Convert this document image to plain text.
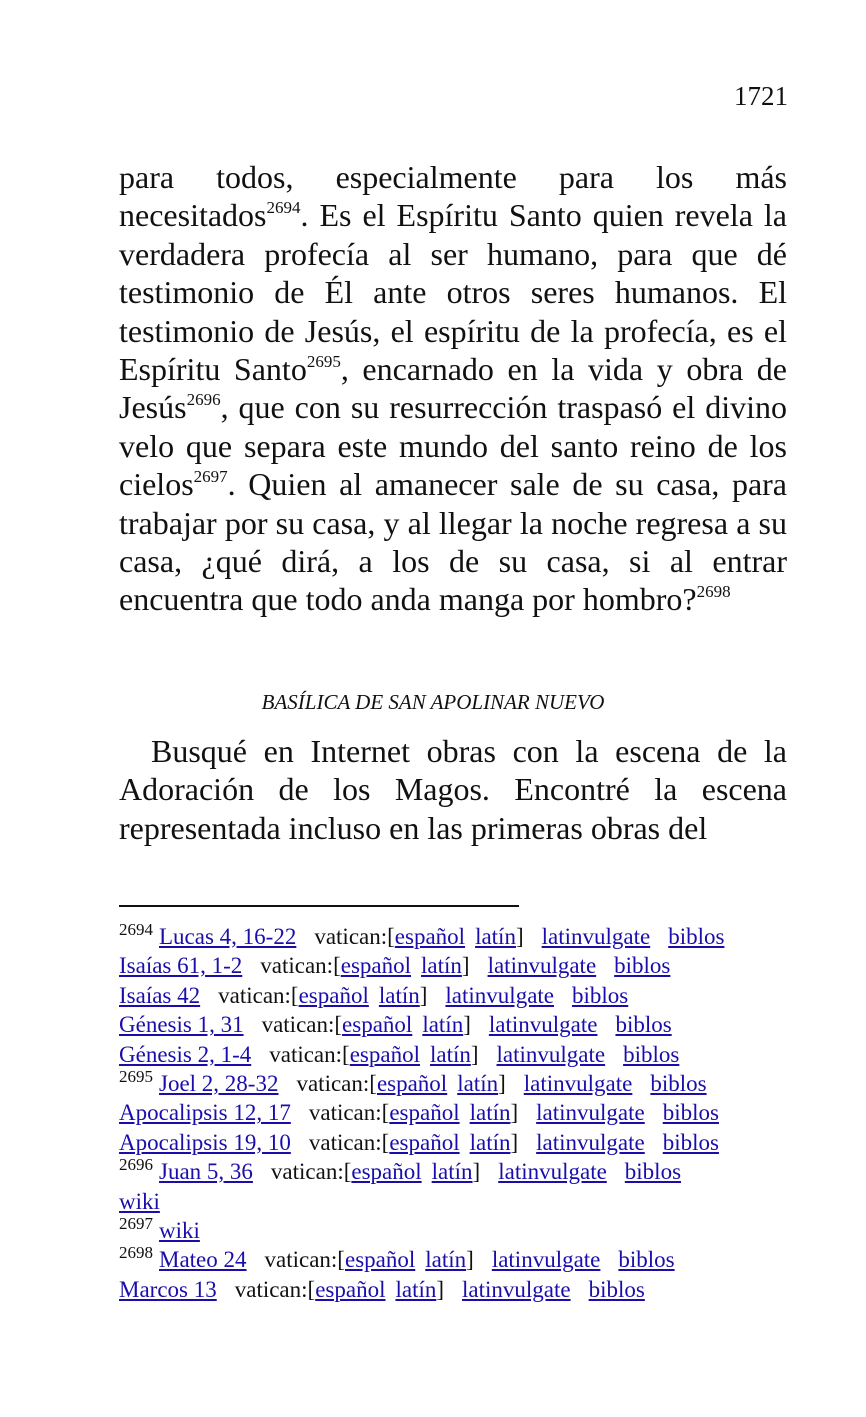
1721

para todos, especialmente para los más necesitados$^{2694}$. Es el Espíritu Santo quien revela la verdadera profecía al ser humano, para que dé testimonio de Él ante otros seres humanos. El testimonio de Jesús, el espíritu de la profecía, es el Espíritu Santo$^{2695}$, encarnado en la vida y obra de Jesús$^{2696}$, que con su resurrección traspasó el divino velo que separa este mundo del santo reino de los cielos$^{2697}$. Quien al amanecer sale de su casa, para trabajar por su casa, y al llegar la noche regresa a su casa, ¿qué dirá, a los de su casa, si al entrar encuentra que todo anda manga por hombro?$^{2698}$

BASÍLICA DE SAN APOLINAR NUEVO

Busqué en Internet obras con la escena de la Adoración de los Magos. Encontré la escena representada incluso en las primeras obras del

$^{2694}$ Lucas 4, 16-22 vatican:[español latín] latinvulgate biblos
Isaías 61, 1-2 vatican:[español latín] latinvulgate biblos
Isaías 42 vatican:[español latín] latinvulgate biblos
Génesis 1, 31 vatican:[español latín] latinvulgate biblos
Génesis 2, 1-4 vatican:[español latín] latinvulgate biblos
$^{2695}$ Joel 2, 28-32 vatican:[español latín] latinvulgate biblos
Apocalipsis 12, 17 vatican:[español latín] latinvulgate biblos
Apocalipsis 19, 10 vatican:[español latín] latinvulgate biblos
$^{2696}$ Juan 5, 36 vatican:[español latín] latinvulgate biblos
wiki
$^{2697}$ wiki
$^{2698}$ Mateo 24 vatican:[español latín] latinvulgate biblos
Marcos 13 vatican:[español latín] latinvulgate biblos
